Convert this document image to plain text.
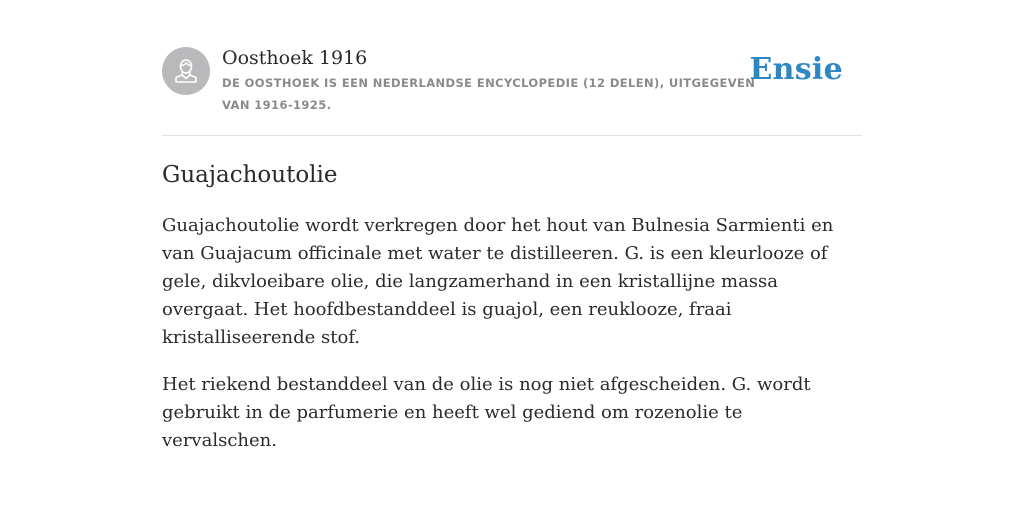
Oosthoek 1916
DE OOSTHOEK IS EEN NEDERLANDSE ENCYCLOPEDIE (12 DELEN), UITGEGEVEN VAN 1916-1925.
Ensie
Guajachoutolie

Guajachoutolie wordt verkregen door het hout van Bulnesia Sarmienti en van Guajacum officinale met water te distilleeren. G. is een kleurlooze of gele, dikvloeibare olie, die langzamerhand in een kristallijne massa overgaat. Het hoofdbestanddeel is guajol, een reuklooze, fraai kristalliseerende stof.

Het riekend bestanddeel van de olie is nog niet afgescheiden. G. wordt gebruikt in de parfumerie en heeft wel gediend om rozenolie te vervalschen.
